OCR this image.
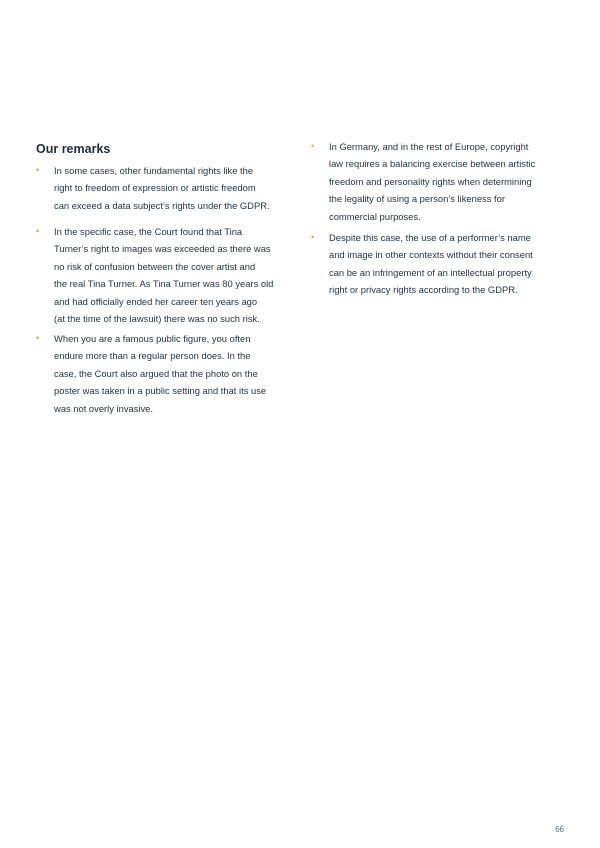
Our remarks
• In some cases, other fundamental rights like the
right to freedom of expression or artistic freedom
can exceed a data subject’s rights under the GDPR.
• In the specific case, the Court found that Tina
Turner’s right to images was exceeded as there was
no risk of confusion between the cover artist and
the real Tina Turner. As Tina Turner was 80 years old
and had officially ended her career ten years ago
(at the time of the lawsuit) there was no such risk.
• When you are a famous public figure, you often
endure more than a regular person does. In the
case, the Court also argued that the photo on the
poster was taken in a public setting and that its use
was not overly invasive.
• In Germany, and in the rest of Europe, copyright
law requires a balancing exercise between artistic
freedom and personality rights when determining
the legality of using a person’s likeness for
commercial purposes.
• Despite this case, the use of a performer’s name
and image in other contexts without their consent
can be an infringement of an intellectual property
right or privacy rights according to the GDPR.
66
